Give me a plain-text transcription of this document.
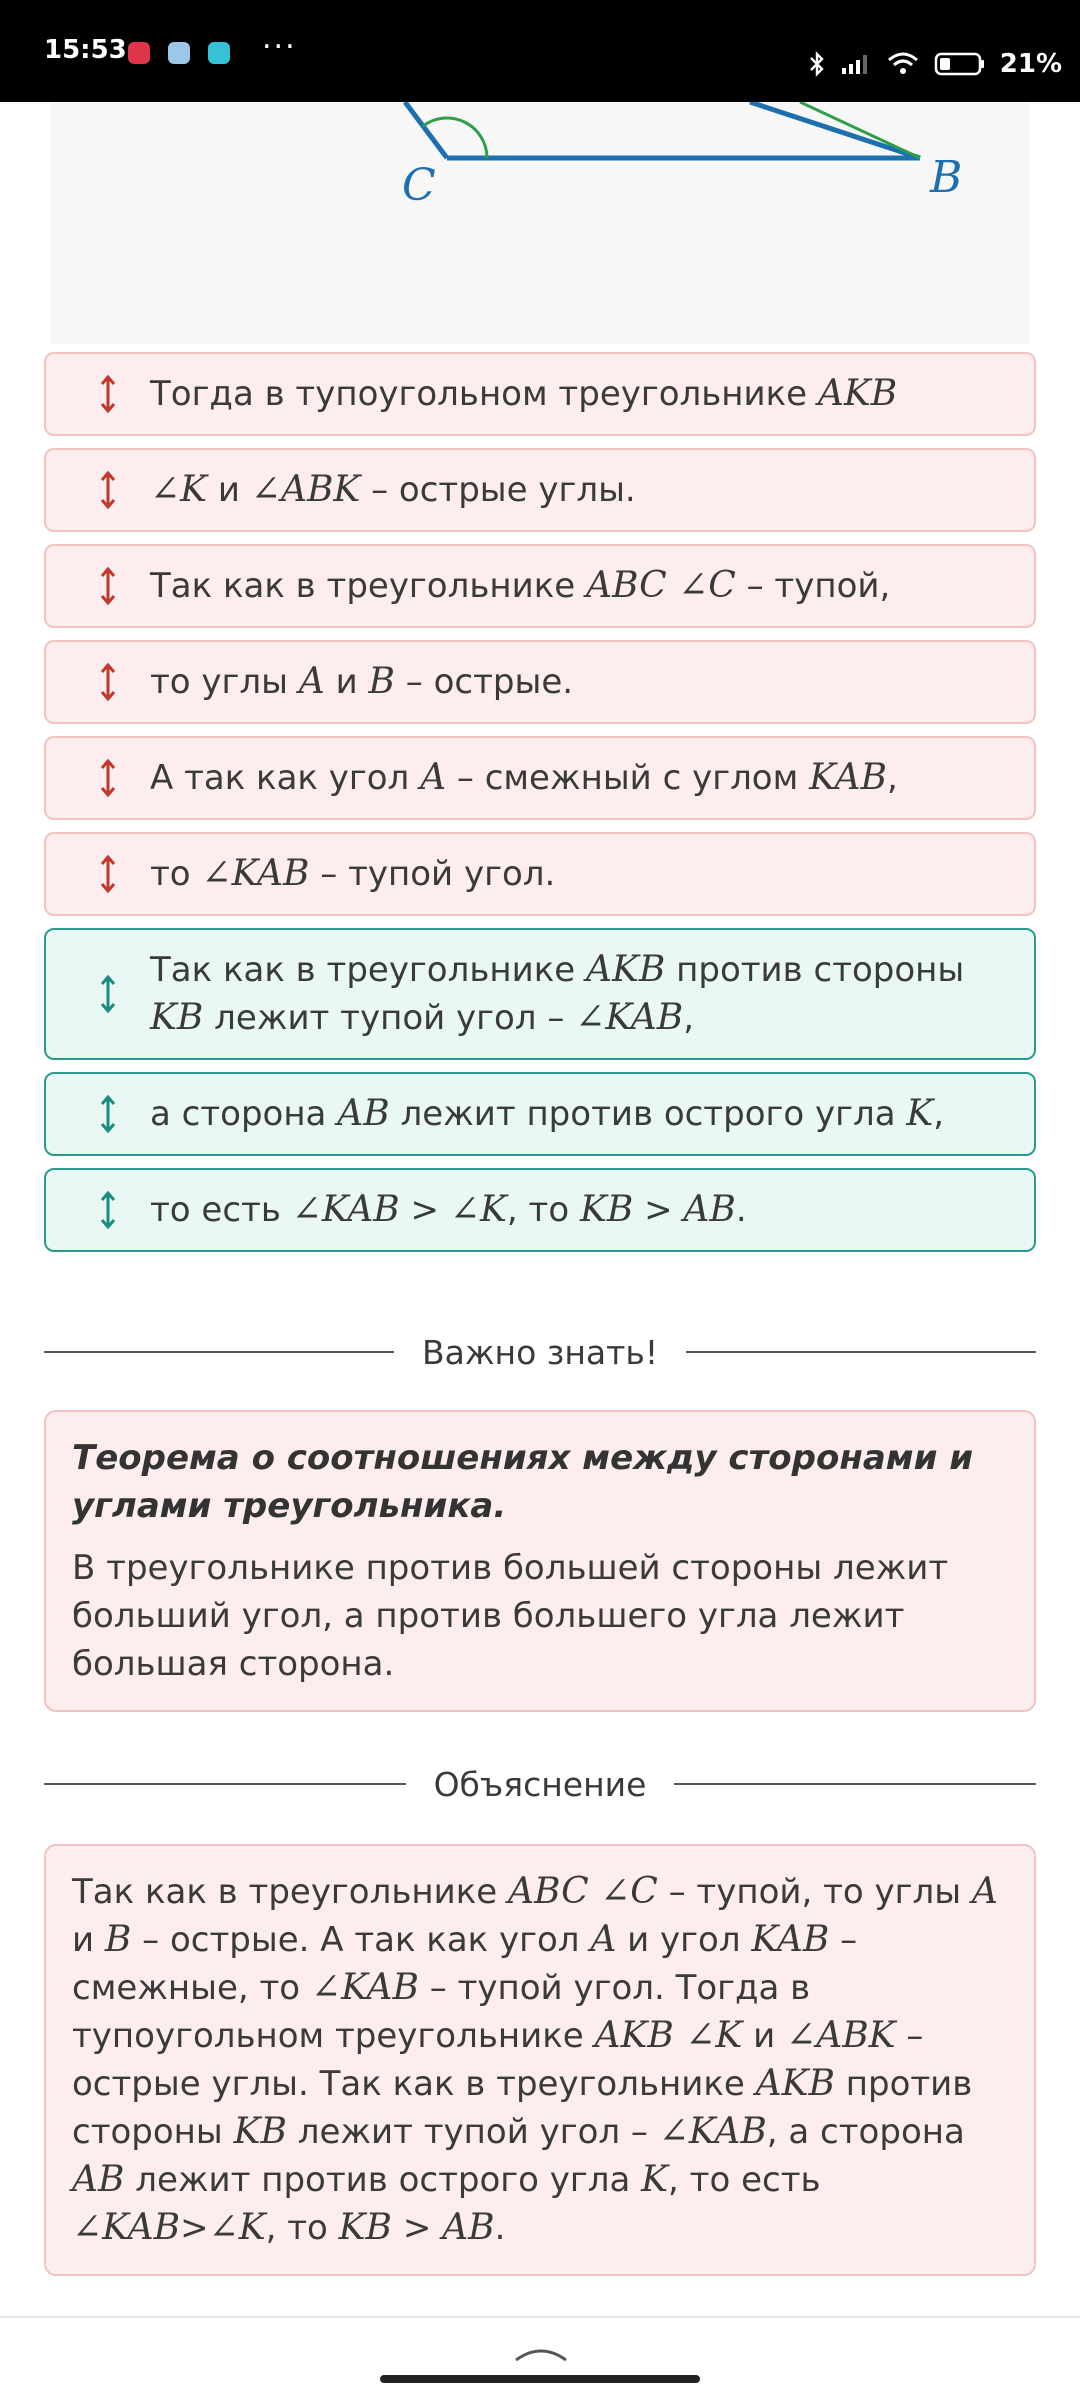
15:53	···	21%
C	B
Тогда в тупоугольном треугольнике AKB
∠K и ∠ABK – острые углы.
Так как в треугольнике ABC ∠C – тупой,
то углы A и B – острые.
А так как угол A – смежный с углом KAB,
то ∠KAB – тупой угол.
Так как в треугольнике AKB против стороны KB лежит тупой угол – ∠KAB,
а сторона AB лежит против острого угла K,
то есть ∠KAB > ∠K, то KB > AB.
Важно знать!
Теорема о соотношениях между сторонами и углами треугольника.
В треугольнике против большей стороны лежит больший угол, а против большего угла лежит большая сторона.
Объяснение
Так как в треугольнике ABC ∠C – тупой, то углы A и B – острые. А так как угол A и угол KAB – смежные, то ∠KAB – тупой угол. Тогда в тупоугольном треугольнике AKB ∠K и ∠ABK – острые углы. Так как в треугольнике AKB против стороны KB лежит тупой угол – ∠KAB, а сторона AB лежит против острого угла K, то есть ∠KAB>∠K, то KB > AB.
